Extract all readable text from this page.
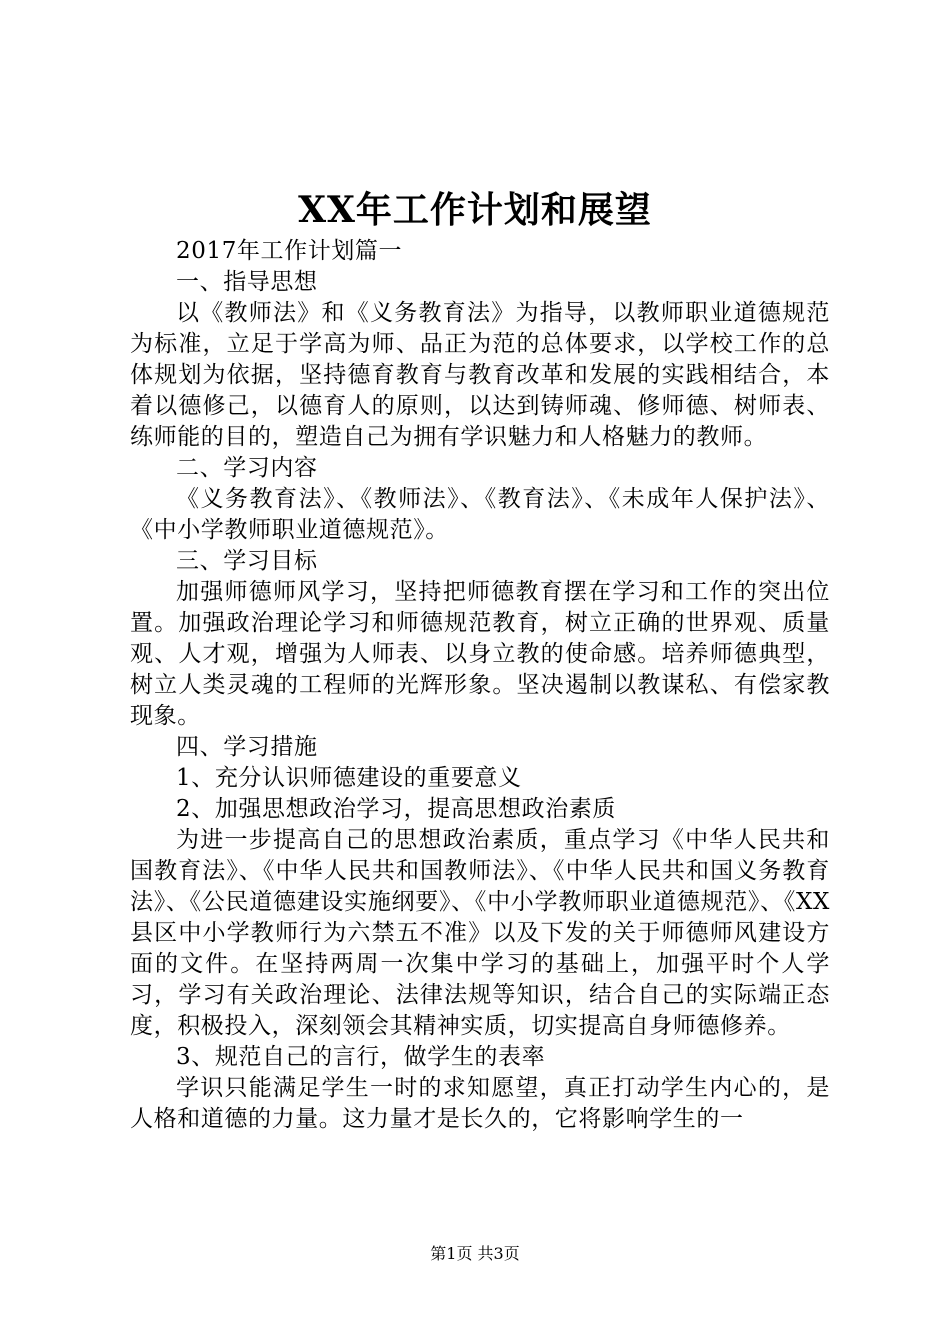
XX年工作计划和展望

2017年工作计划篇一

一、指导思想

以《教师法》和《义务教育法》为指导，以教师职业道德规范为标准，立足于学高为师、品正为范的总体要求，以学校工作的总体规划为依据，坚持德育教育与教育改革和发展的实践相结合，本着以德修己，以德育人的原则，以达到铸师魂、修师德、树师表、练师能的目的，塑造自己为拥有学识魅力和人格魅力的教师。

二、学习内容

《义务教育法》、《教师法》、《教育法》、《未成年人保护法》、《中小学教师职业道德规范》。

三、学习目标

加强师德师风学习，坚持把师德教育摆在学习和工作的突出位置。加强政治理论学习和师德规范教育，树立正确的世界观、质量观、人才观，增强为人师表、以身立教的使命感。培养师德典型，树立人类灵魂的工程师的光辉形象。坚决遏制以教谋私、有偿家教现象。

四、学习措施

1、充分认识师德建设的重要意义

2、加强思想政治学习，提高思想政治素质

为进一步提高自己的思想政治素质，重点学习《中华人民共和国教育法》、《中华人民共和国教师法》、《中华人民共和国义务教育法》、《公民道德建设实施纲要》、《中小学教师职业道德规范》、《XX县区中小学教师行为六禁五不准》以及下发的关于师德师风建设方面的文件。在坚持两周一次集中学习的基础上，加强平时个人学习，学习有关政治理论、法律法规等知识，结合自己的实际端正态度，积极投入，深刻领会其精神实质，切实提高自身师德修养。

3、规范自己的言行，做学生的表率

学识只能满足学生一时的求知愿望，真正打动学生内心的，是人格和道德的力量。这力量才是长久的，它将影响学生的一

第1页 共3页
